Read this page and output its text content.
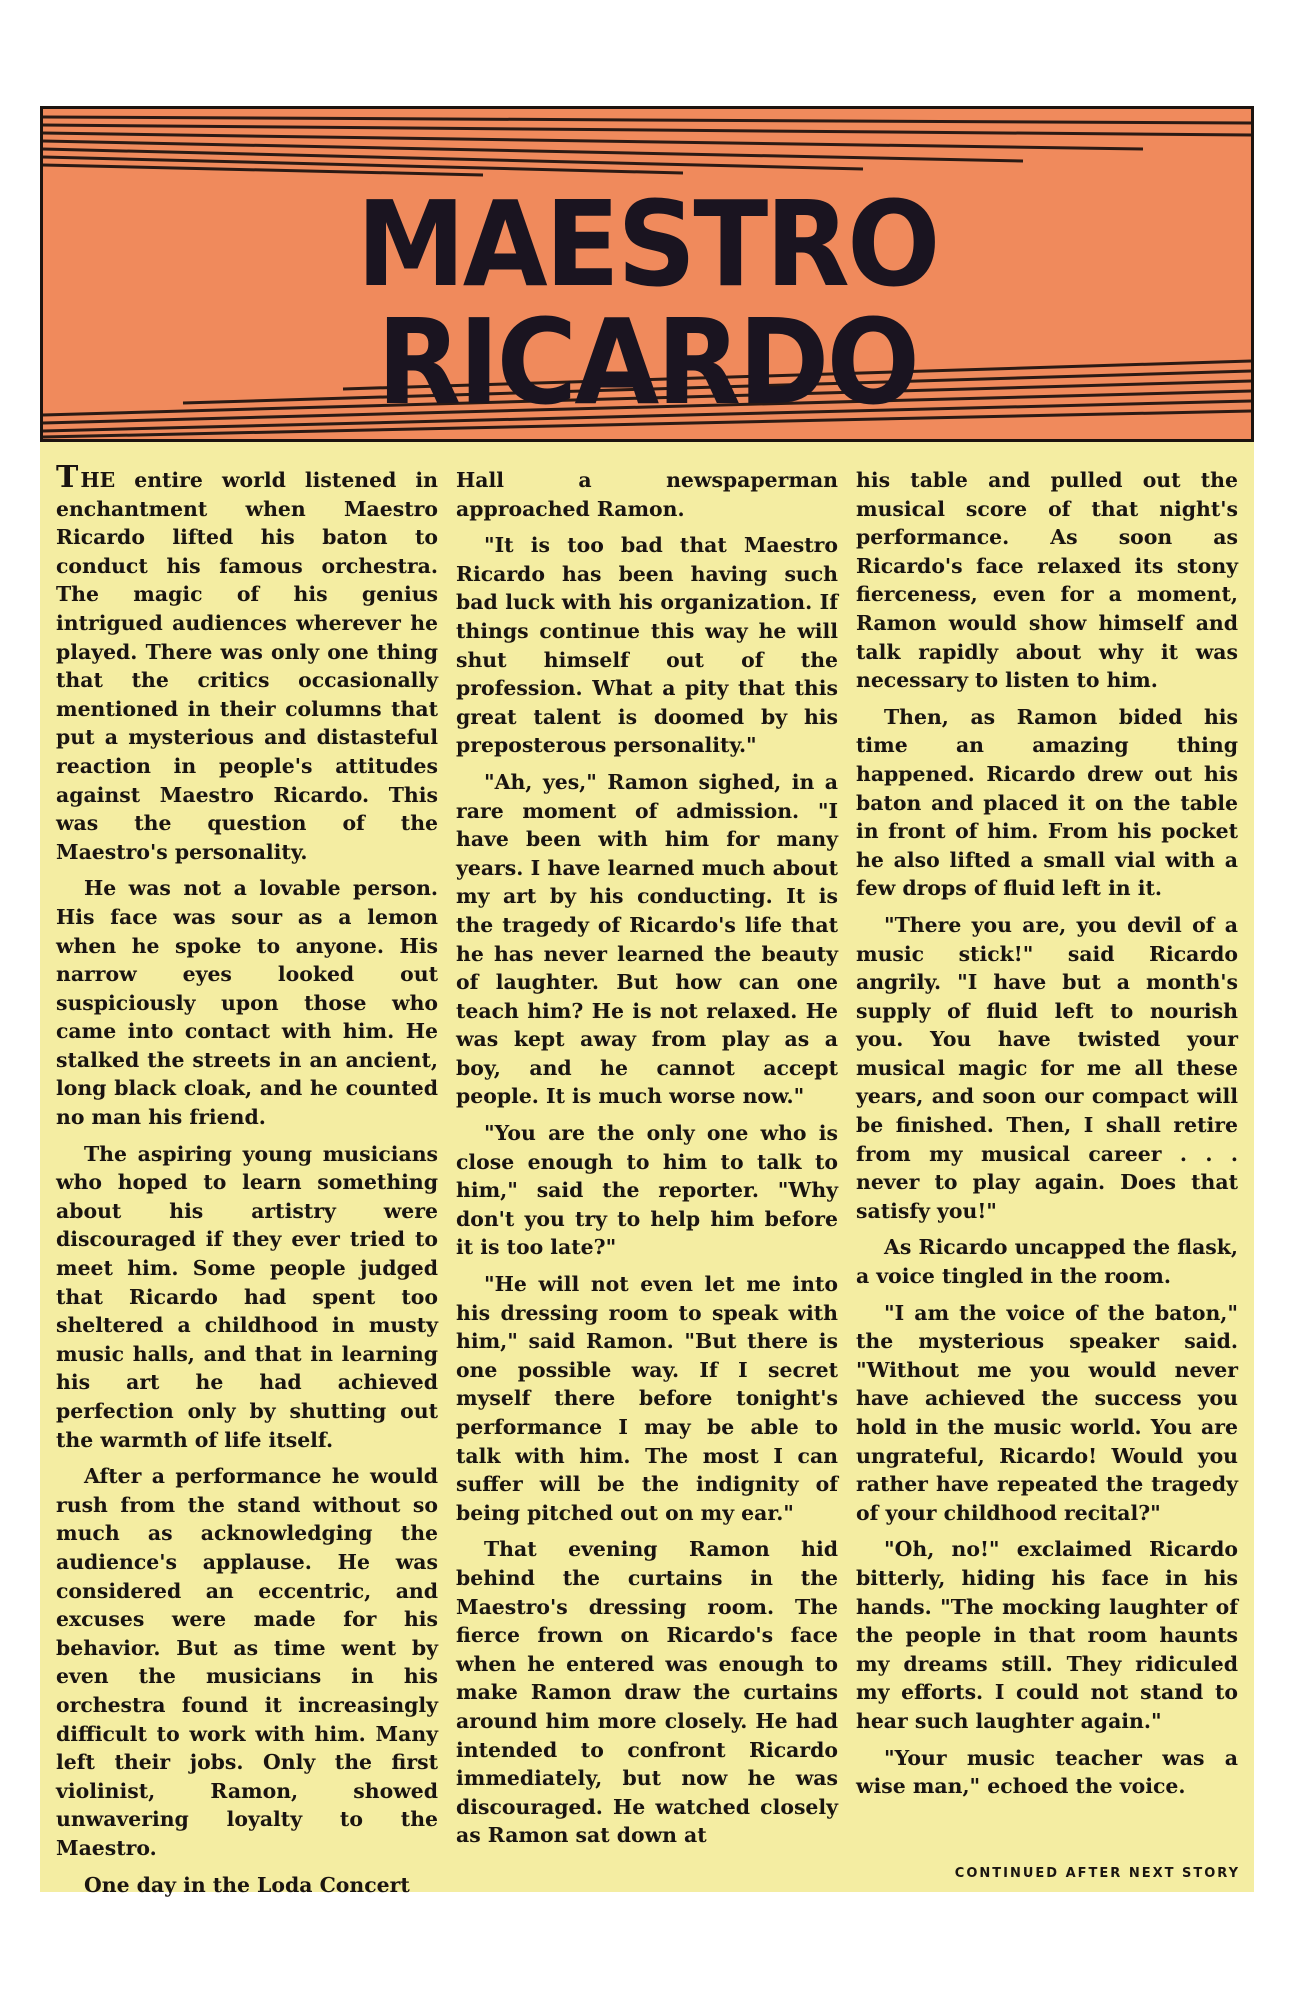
MAESTRO RICARDO

THE entire world listened in enchantment when Maestro Ricardo lifted his baton to conduct his famous orchestra. The magic of his genius intrigued audiences wherever he played. There was only one thing that the critics occasionally mentioned in their columns that put a mysterious and distasteful reaction in people's attitudes against Maestro Ricardo. This was the question of the Maestro's personality.

He was not a lovable person. His face was sour as a lemon when he spoke to anyone. His narrow eyes looked out suspiciously upon those who came into contact with him. He stalked the streets in an ancient, long black cloak, and he counted no man his friend.

The aspiring young musicians who hoped to learn something about his artistry were discouraged if they ever tried to meet him. Some people judged that Ricardo had spent too sheltered a childhood in musty music halls, and that in learning his art he had achieved perfection only by shutting out the warmth of life itself.

After a performance he would rush from the stand without so much as acknowledging the audience's applause. He was considered an eccentric, and excuses were made for his behavior. But as time went by even the musicians in his orchestra found it increasingly difficult to work with him. Many left their jobs. Only the first violinist, Ramon, showed unwavering loyalty to the Maestro.

One day in the Loda Concert

Hall a newspaperman approached Ramon.

"It is too bad that Maestro Ricardo has been having such bad luck with his organization. If things continue this way he will shut himself out of the profession. What a pity that this great talent is doomed by his preposterous personality."

"Ah, yes," Ramon sighed, in a rare moment of admission. "I have been with him for many years. I have learned much about my art by his conducting. It is the tragedy of Ricardo's life that he has never learned the beauty of laughter. But how can one teach him? He is not relaxed. He was kept away from play as a boy, and he cannot accept people. It is much worse now."

"You are the only one who is close enough to him to talk to him," said the reporter. "Why don't you try to help him before it is too late?"

"He will not even let me into his dressing room to speak with him," said Ramon. "But there is one possible way. If I secret myself there before tonight's performance I may be able to talk with him. The most I can suffer will be the indignity of being pitched out on my ear."

That evening Ramon hid behind the curtains in the Maestro's dressing room. The fierce frown on Ricardo's face when he entered was enough to make Ramon draw the curtains around him more closely. He had intended to confront Ricardo immediately, but now he was discouraged. He watched closely as Ramon sat down at

his table and pulled out the musical score of that night's performance. As soon as Ricardo's face relaxed its stony fierceness, even for a moment, Ramon would show himself and talk rapidly about why it was necessary to listen to him.

Then, as Ramon bided his time an amazing thing happened. Ricardo drew out his baton and placed it on the table in front of him. From his pocket he also lifted a small vial with a few drops of fluid left in it.

"There you are, you devil of a music stick!" said Ricardo angrily. "I have but a month's supply of fluid left to nourish you. You have twisted your musical magic for me all these years, and soon our compact will be finished. Then, I shall retire from my musical career . . . never to play again. Does that satisfy you!"

As Ricardo uncapped the flask, a voice tingled in the room.

"I am the voice of the baton," the mysterious speaker said. "Without me you would never have achieved the success you hold in the music world. You are ungrateful, Ricardo! Would you rather have repeated the tragedy of your childhood recital?"

"Oh, no!" exclaimed Ricardo bitterly, hiding his face in his hands. "The mocking laughter of the people in that room haunts my dreams still. They ridiculed my efforts. I could not stand to hear such laughter again."

"Your music teacher was a wise man," echoed the voice.

CONTINUED AFTER NEXT STORY
